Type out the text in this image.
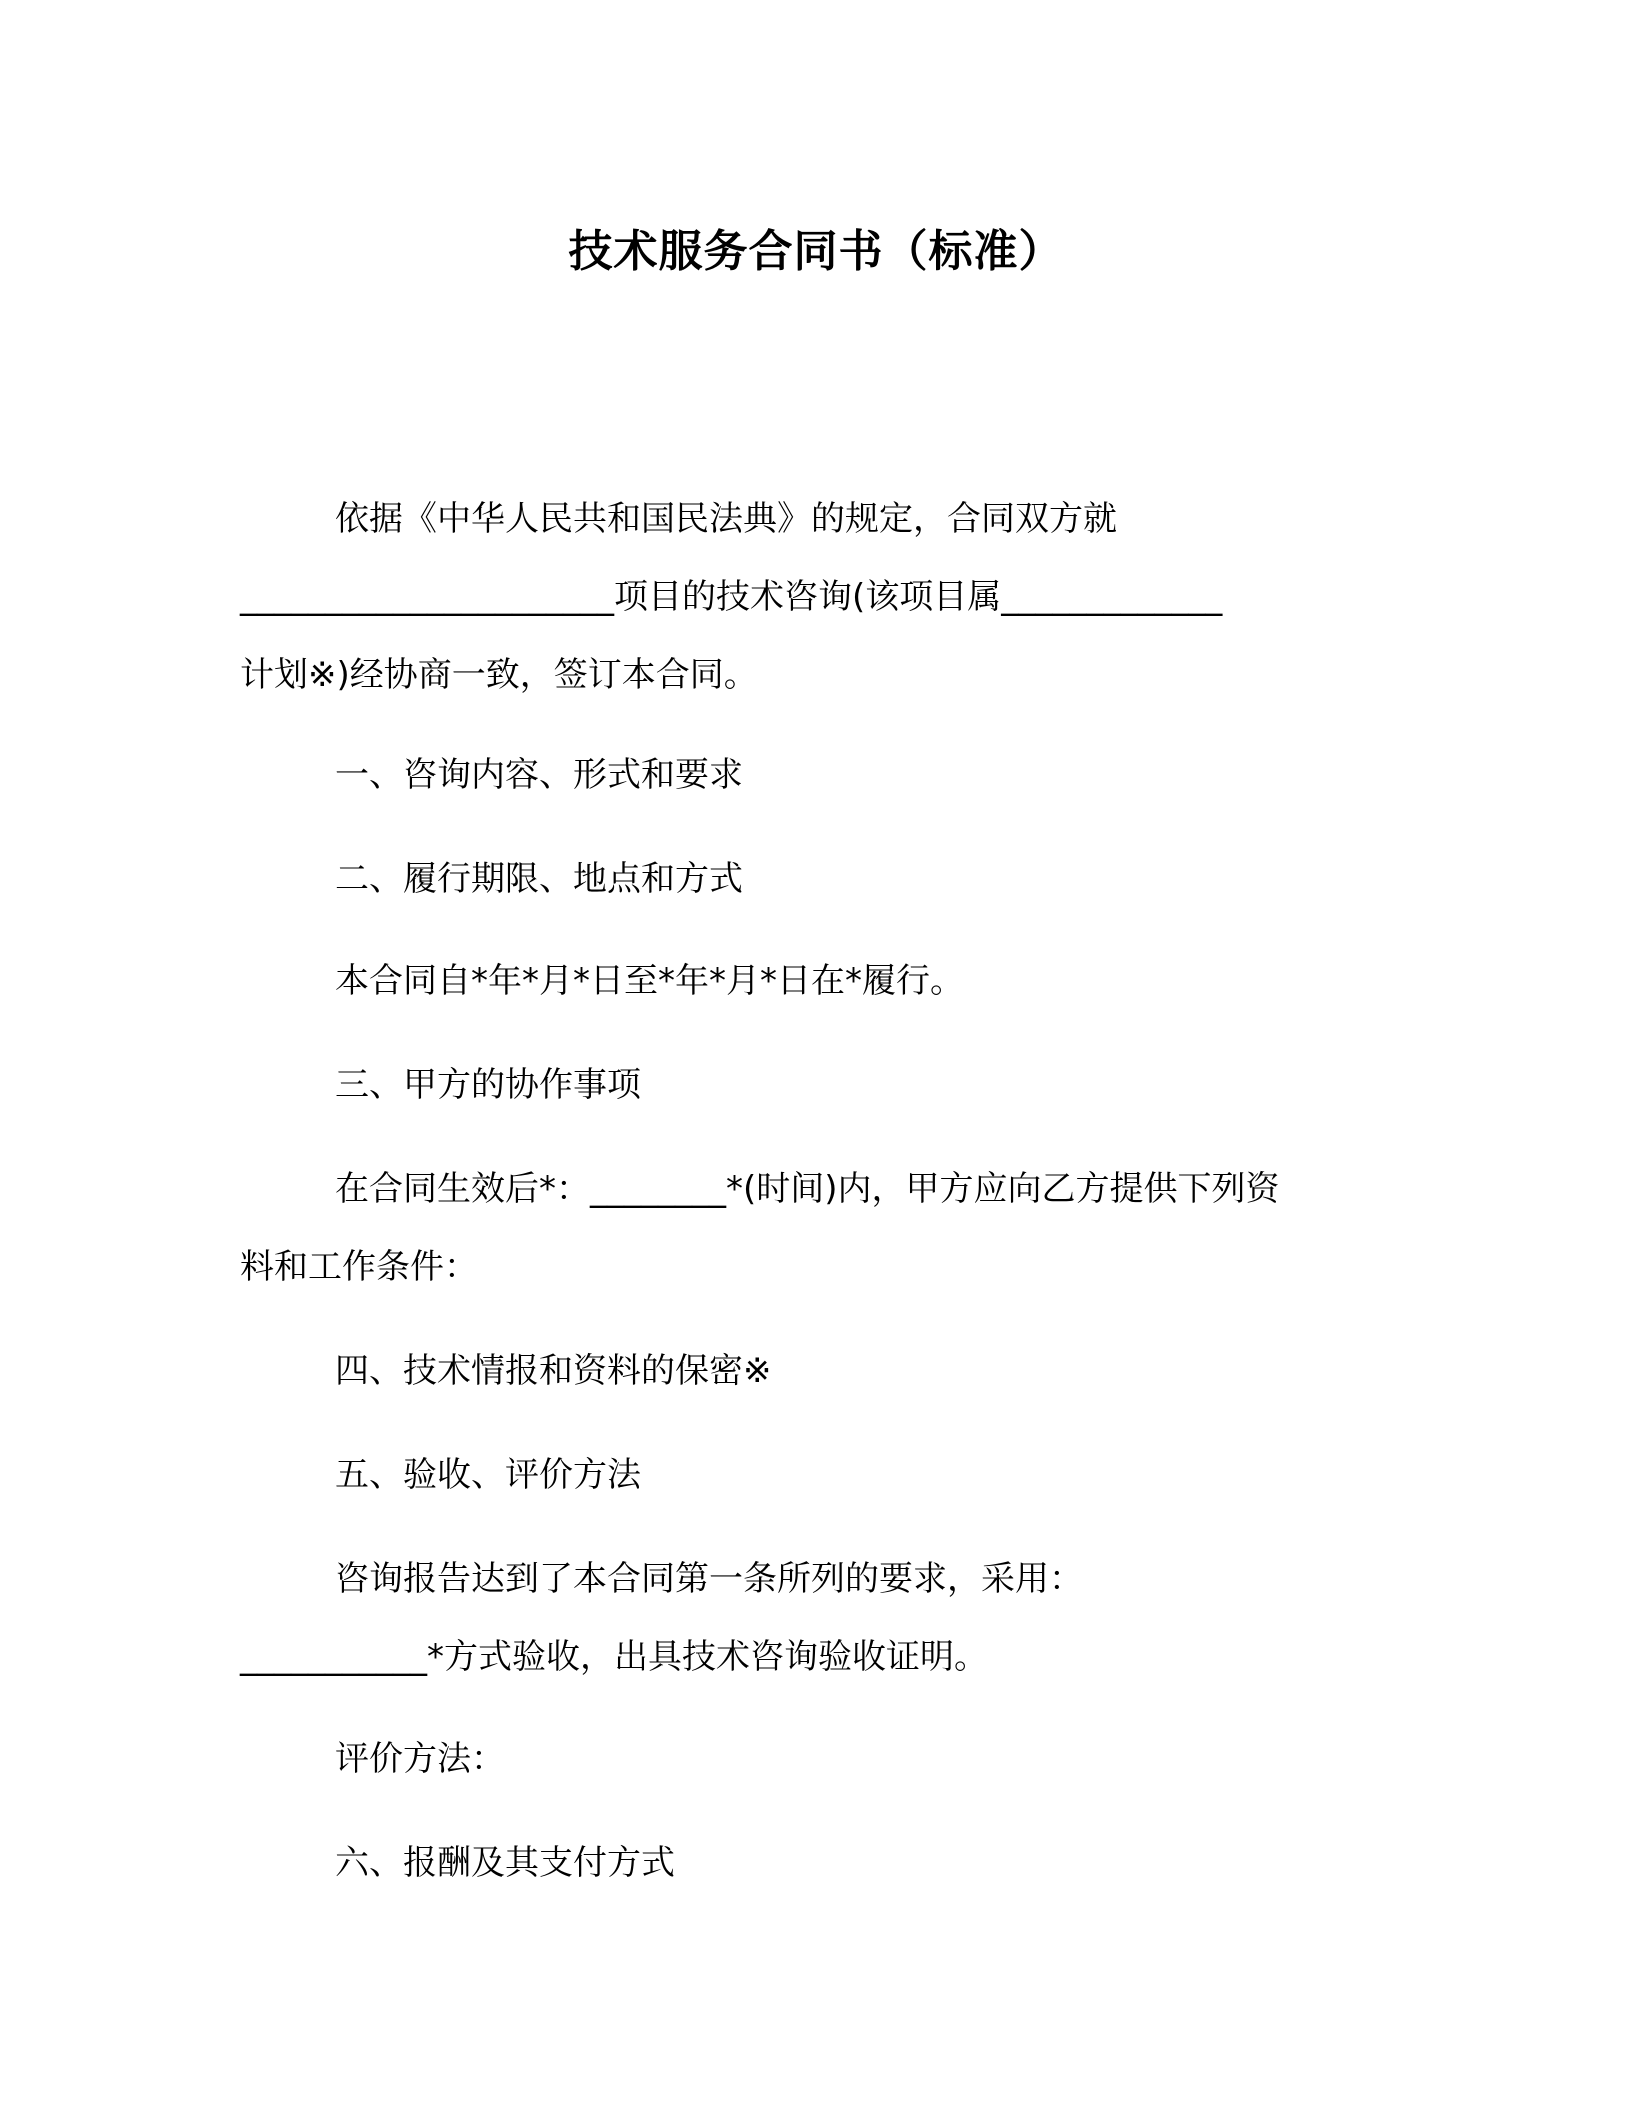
技术服务合同书（标准）
依据《中华人民共和国民法典》的规定，合同双方就
______________________项目的技术咨询(该项目属_____________
计划※)经协商一致，签订本合同。
一、咨询内容、形式和要求
二、履行期限、地点和方式
本合同自*年*月*日至*年*月*日在*履行。
三、甲方的协作事项
在合同生效后*：________*(时间)内，甲方应向乙方提供下列资
料和工作条件：
四、技术情报和资料的保密※
五、验收、评价方法
咨询报告达到了本合同第一条所列的要求，采用：
___________*方式验收，出具技术咨询验收证明。
评价方法：
六、报酬及其支付方式
